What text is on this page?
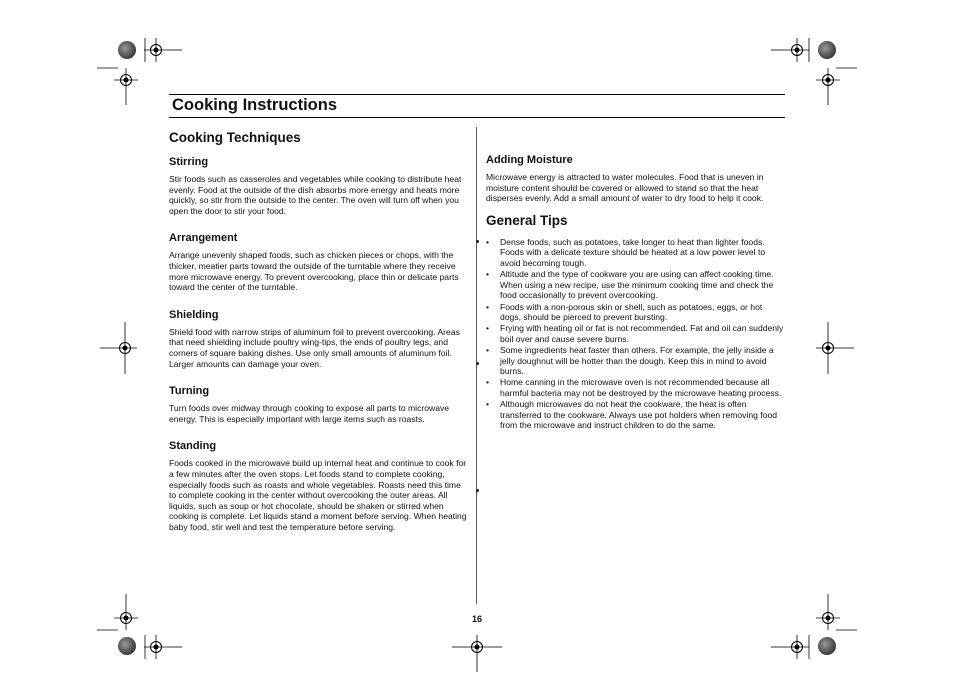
Cooking Instructions
Cooking Techniques
Stirring

Stir foods such as casseroles and vegetables while cooking to distribute heat evenly. Food at the outside of the dish absorbs more energy and heats more quickly, so stir from the outside to the center. The oven will turn off when you open the door to stir your food.

Arrangement

Arrange unevenly shaped foods, such as chicken pieces or chops, with the thicker, meatier parts toward the outside of the turntable where they receive more microwave energy. To prevent overcooking, place thin or delicate parts toward the center of the turntable.

Shielding

Shield food with narrow strips of aluminum foil to prevent overcooking. Areas that need shielding include poultry wing-tips, the ends of poultry legs, and corners of square baking dishes. Use only small amounts of aluminum foil. Larger amounts can damage your oven.

Turning

Turn foods over midway through cooking to expose all parts to microwave energy. This is especially important with large items such as roasts.

Standing

Foods cooked in the microwave build up internal heat and continue to cook for a few minutes after the oven stops. Let foods stand to complete cooking, especially foods such as roasts and whole vegetables. Roasts need this time to complete cooking in the center without overcooking the outer areas. All liquids, such as soup or hot chocolate, should be shaken or stirred when cooking is complete. Let liquids stand a moment before serving. When heating baby food, stir well and test the temperature before serving.

Adding Moisture

Microwave energy is attracted to water molecules. Food that is uneven in moisture content should be covered or allowed to stand so that the heat disperses evenly. Add a small amount of water to dry food to help it cook.

General Tips
• Dense foods, such as potatoes, take longer to heat than lighter foods. Foods with a delicate texture should be heated at a low power level to avoid becoming tough.
• Altitude and the type of cookware you are using can affect cooking time. When using a new recipe, use the minimum cooking time and check the food occasionally to prevent overcooking.
• Foods with a non-porous skin or shell, such as potatoes, eggs, or hot dogs, should be pierced to prevent bursting.
• Frying with heating oil or fat is not recommended. Fat and oil can suddenly boil over and cause severe burns.
• Some ingredients heat faster than others. For example, the jelly inside a jelly doughnut will be hotter than the dough. Keep this in mind to avoid burns.
• Home canning in the microwave oven is not recommended because all harmful bacteria may not be destroyed by the microwave heating process.
• Although microwaves do not heat the cookware, the heat is often transferred to the cookware. Always use pot holders when removing food from the microwave and instruct children to do the same.
16
